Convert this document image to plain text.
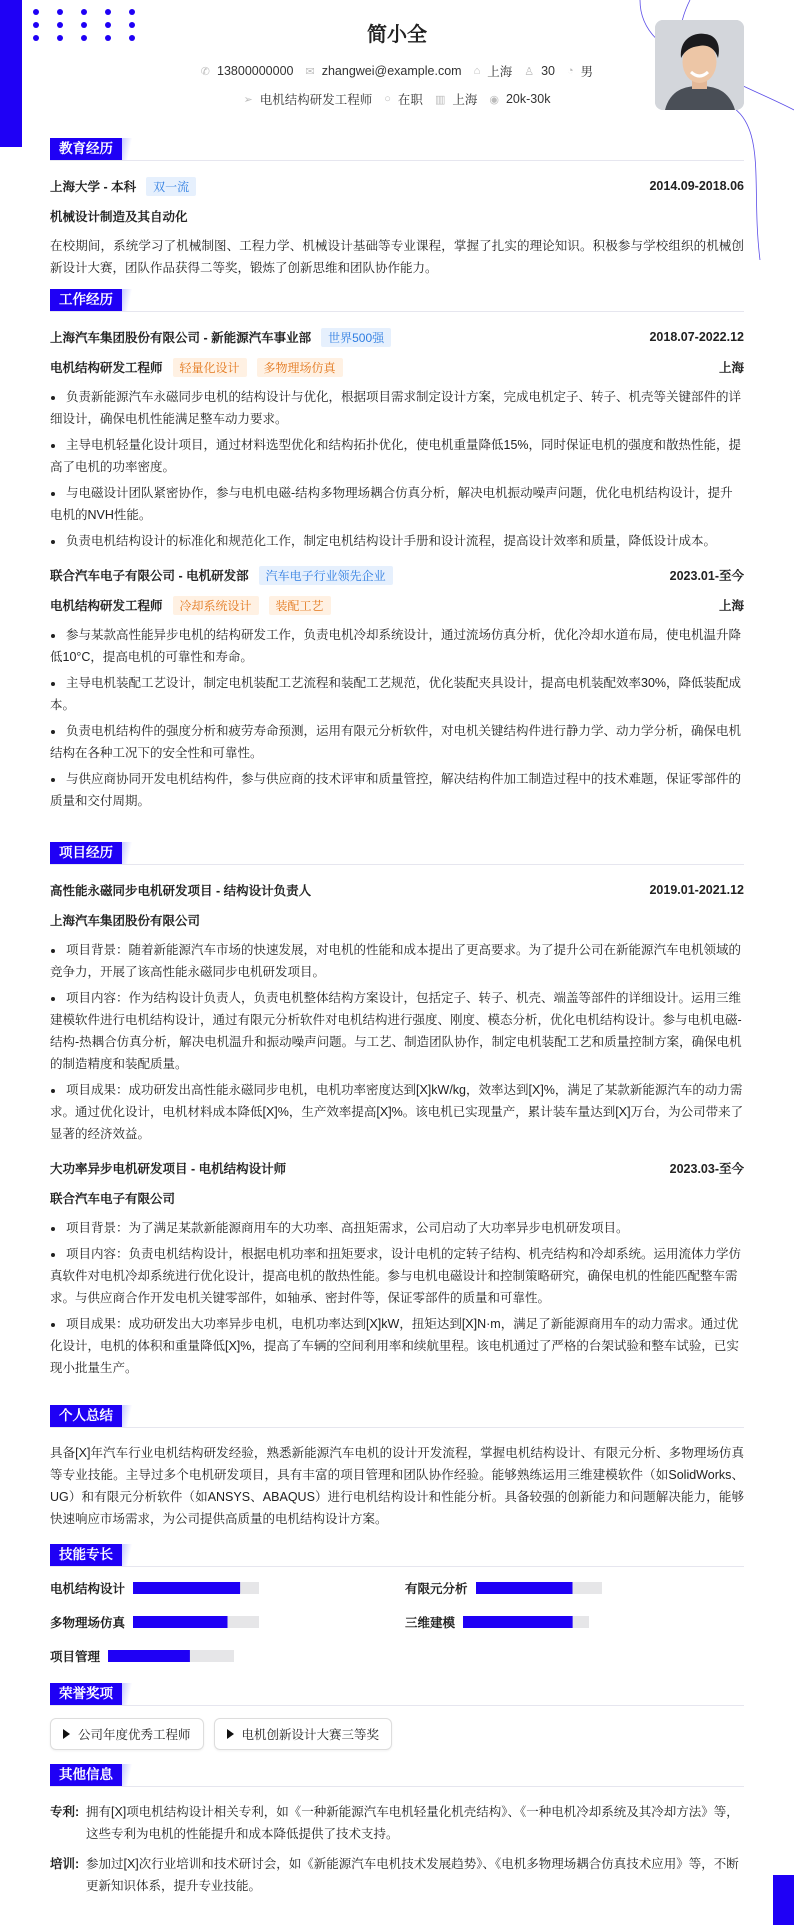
简小全
✆ 13800000000 ✉ zhangwei@example.com ⌂ 上海 ♙ 30 ◔ 男
➢ 电机结构研发工程师 ○ 在职 ▥ 上海 ◉ 20k-30k
教育经历
上海大学 - 本科	双一流	2014.09-2018.06
机械设计制造及其自动化

在校期间，系统学习了机械制图、工程力学、机械设计基础等专业课程，掌握了扎实的理论知识。积极参与学校组织的机械创新设计大赛，团队作品获得二等奖，锻炼了创新思维和团队协作能力。

工作经历
上海汽车集团股份有限公司 - 新能源汽车事业部	世界500强	2018.07-2022.12
电机结构研发工程师	轻量化设计	多物理场仿真	上海
负责新能源汽车永磁同步电机的结构设计与优化，根据项目需求制定设计方案，完成电机定子、转子、机壳等关键部件的详细设计，确保电机性能满足整车动力要求。
主导电机轻量化设计项目，通过材料选型优化和结构拓扑优化，使电机重量降低15%，同时保证电机的强度和散热性能，提高了电机的功率密度。
与电磁设计团队紧密协作，参与电机电磁-结构多物理场耦合仿真分析，解决电机振动噪声问题，优化电机结构设计，提升电机的NVH性能。
负责电机结构设计的标准化和规范化工作，制定电机结构设计手册和设计流程，提高设计效率和质量，降低设计成本。
联合汽车电子有限公司 - 电机研发部	汽车电子行业领先企业	2023.01-至今
电机结构研发工程师	冷却系统设计	装配工艺	上海
参与某款高性能异步电机的结构研发工作，负责电机冷却系统设计，通过流场仿真分析，优化冷却水道布局，使电机温升降低10°C，提高电机的可靠性和寿命。
主导电机装配工艺设计，制定电机装配工艺流程和装配工艺规范，优化装配夹具设计，提高电机装配效率30%，降低装配成本。
负责电机结构件的强度分析和疲劳寿命预测，运用有限元分析软件，对电机关键结构件进行静力学、动力学分析，确保电机结构在各种工况下的安全性和可靠性。
与供应商协同开发电机结构件，参与供应商的技术评审和质量管控，解决结构件加工制造过程中的技术难题，保证零部件的质量和交付周期。
项目经历
高性能永磁同步电机研发项目 - 结构设计负责人	2019.01-2021.12
上海汽车集团股份有限公司
项目背景：随着新能源汽车市场的快速发展，对电机的性能和成本提出了更高要求。为了提升公司在新能源汽车电机领域的竞争力，开展了该高性能永磁同步电机研发项目。
项目内容：作为结构设计负责人，负责电机整体结构方案设计，包括定子、转子、机壳、端盖等部件的详细设计。运用三维建模软件进行电机结构设计，通过有限元分析软件对电机结构进行强度、刚度、模态分析，优化电机结构设计。参与电机电磁-结构-热耦合仿真分析，解决电机温升和振动噪声问题。与工艺、制造团队协作，制定电机装配工艺和质量控制方案，确保电机的制造精度和装配质量。
项目成果：成功研发出高性能永磁同步电机，电机功率密度达到[X]kW/kg，效率达到[X]%，满足了某款新能源汽车的动力需求。通过优化设计，电机材料成本降低[X]%，生产效率提高[X]%。该电机已实现量产，累计装车量达到[X]万台，为公司带来了显著的经济效益。
大功率异步电机研发项目 - 电机结构设计师	2023.03-至今
联合汽车电子有限公司
项目背景：为了满足某款新能源商用车的大功率、高扭矩需求，公司启动了大功率异步电机研发项目。
项目内容：负责电机结构设计，根据电机功率和扭矩要求，设计电机的定转子结构、机壳结构和冷却系统。运用流体力学仿真软件对电机冷却系统进行优化设计，提高电机的散热性能。参与电机电磁设计和控制策略研究，确保电机的性能匹配整车需求。与供应商合作开发电机关键零部件，如轴承、密封件等，保证零部件的质量和可靠性。
项目成果：成功研发出大功率异步电机，电机功率达到[X]kW，扭矩达到[X]N·m，满足了新能源商用车的动力需求。通过优化设计，电机的体积和重量降低[X]%，提高了车辆的空间利用率和续航里程。该电机通过了严格的台架试验和整车试验，已实现小批量生产。
个人总结

具备[X]年汽车行业电机结构研发经验，熟悉新能源汽车电机的设计开发流程，掌握电机结构设计、有限元分析、多物理场仿真等专业技能。主导过多个电机研发项目，具有丰富的项目管理和团队协作经验。能够熟练运用三维建模软件（如SolidWorks、UG）和有限元分析软件（如ANSYS、ABAQUS）进行电机结构设计和性能分析。具备较强的创新能力和问题解决能力，能够快速响应市场需求，为公司提供高质量的电机结构设计方案。

技能专长
电机结构设计	有限元分析
多物理场仿真	三维建模
项目管理
荣誉奖项
公司年度优秀工程师	电机创新设计大赛三等奖
其他信息
专利: 拥有[X]项电机结构设计相关专利，如《一种新能源汽车电机轻量化机壳结构》、《一种电机冷却系统及其冷却方法》等，这些专利为电机的性能提升和成本降低提供了技术支持。
培训: 参加过[X]次行业培训和技术研讨会，如《新能源汽车电机技术发展趋势》、《电机多物理场耦合仿真技术应用》等，不断更新知识体系，提升专业技能。
